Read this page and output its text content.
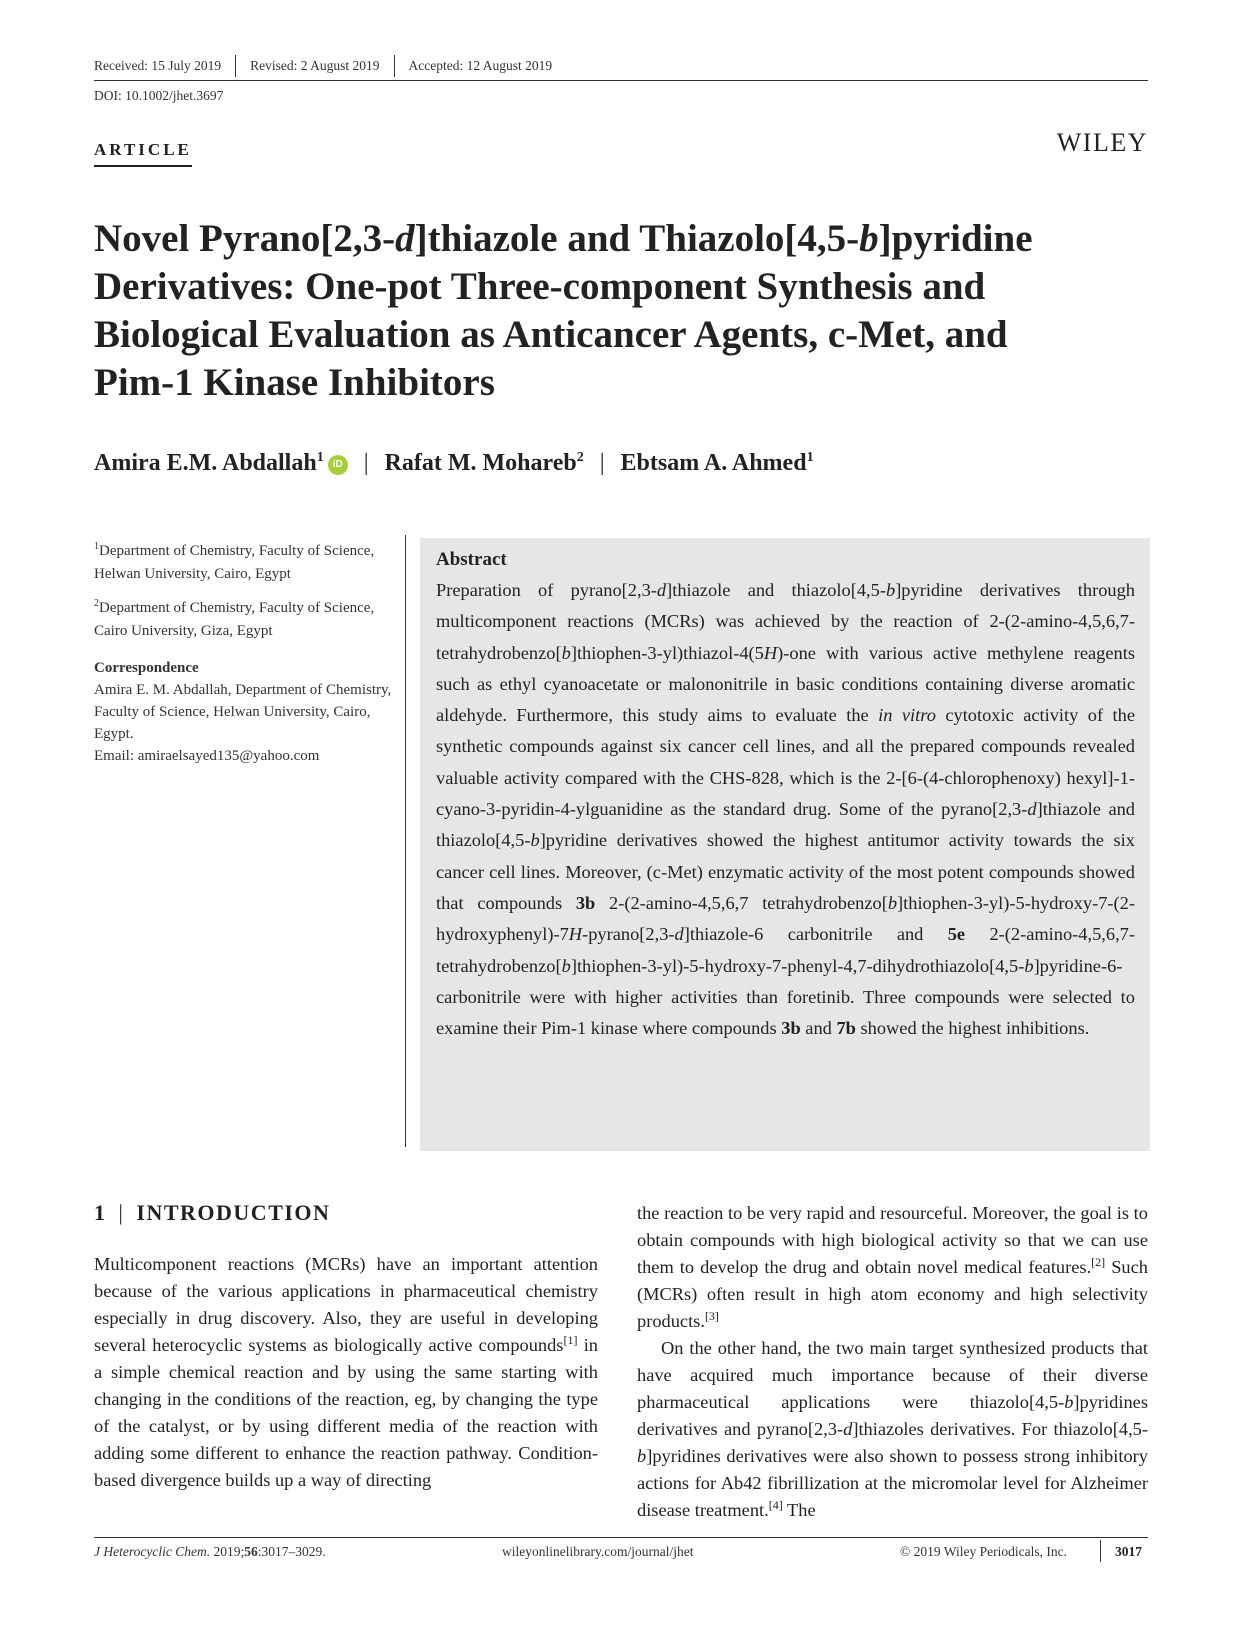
Received: 15 July 2019	Revised: 2 August 2019	Accepted: 12 August 2019
DOI: 10.1002/jhet.3697
ARTICLE	WILEY
Novel Pyrano[2,3-d]thiazole and Thiazolo[4,5-b]pyridine Derivatives: One-pot Three-component Synthesis and Biological Evaluation as Anticancer Agents, c-Met, and Pim-1 Kinase Inhibitors
Amira E.M. Abdallah$^1$ iD | Rafat M. Mohareb$^2$ | Ebtsam A. Ahmed$^1$
$^1$Department of Chemistry, Faculty of Science, Helwan University, Cairo, Egypt
$^2$Department of Chemistry, Faculty of Science, Cairo University, Giza, Egypt
Correspondence
Amira E. M. Abdallah, Department of Chemistry, Faculty of Science, Helwan University, Cairo, Egypt.
Email: amiraelsayed135@yahoo.com
Abstract
Preparation of pyrano[2,3-d]thiazole and thiazolo[4,5-b]pyridine derivatives through multicomponent reactions (MCRs) was achieved by the reaction of 2-(2-amino-4,5,6,7-tetrahydrobenzo[b]thiophen-3-yl)thiazol-4(5H)-one with various active methylene reagents such as ethyl cyanoacetate or malononitrile in basic conditions containing diverse aromatic aldehyde. Furthermore, this study aims to evaluate the in vitro cytotoxic activity of the synthetic compounds against six cancer cell lines, and all the prepared compounds revealed valuable activity compared with the CHS-828, which is the 2-[6-(4-chlorophenoxy) hexyl]-1-cyano-3-pyridin-4-ylguanidine as the standard drug. Some of the pyrano[2,3-d]thiazole and thiazolo[4,5-b]pyridine derivatives showed the highest antitumor activity towards the six cancer cell lines. Moreover, (c-Met) enzymatic activity of the most potent compounds showed that compounds 3b 2-(2-amino-4,5,6,7 tetrahydrobenzo[b]thiophen-3-yl)-5-hydroxy-7-(2-hydroxyphenyl)-7H-pyrano[2,3-d]thiazole-6 carbonitrile and 5e 2-(2-amino-4,5,6,7-tetrahydrobenzo[b]thiophen-3-yl)-5-hydroxy-7-phenyl-4,7-dihydrothiazolo[4,5-b]pyridine-6-carbonitrile were with higher activities than foretinib. Three compounds were selected to examine their Pim-1 kinase where compounds 3b and 7b showed the highest inhibitions.
1 | INTRODUCTION

Multicomponent reactions (MCRs) have an important attention because of the various applications in pharmaceutical chemistry especially in drug discovery. Also, they are useful in developing several heterocyclic systems as biologically active compounds[1] in a simple chemical reaction and by using the same starting with changing in the conditions of the reaction, eg, by changing the type of the catalyst, or by using different media of the reaction with adding some different to enhance the reaction pathway. Condition-based divergence builds up a way of directing

the reaction to be very rapid and resourceful. Moreover, the goal is to obtain compounds with high biological activity so that we can use them to develop the drug and obtain novel medical features.[2] Such (MCRs) often result in high atom economy and high selectivity products.[3]

On the other hand, the two main target synthesized products that have acquired much importance because of their diverse pharmaceutical applications were thiazolo[4,5-b]pyridines derivatives and pyrano[2,3-d]thiazoles derivatives. For thiazolo[4,5-b]pyridines derivatives were also shown to possess strong inhibitory actions for Ab42 fibrillization at the micromolar level for Alzheimer disease treatment.[4] The

J Heterocyclic Chem. 2019;56:3017–3029.	wileyonlinelibrary.com/journal/jhet	© 2019 Wiley Periodicals, Inc.	3017
